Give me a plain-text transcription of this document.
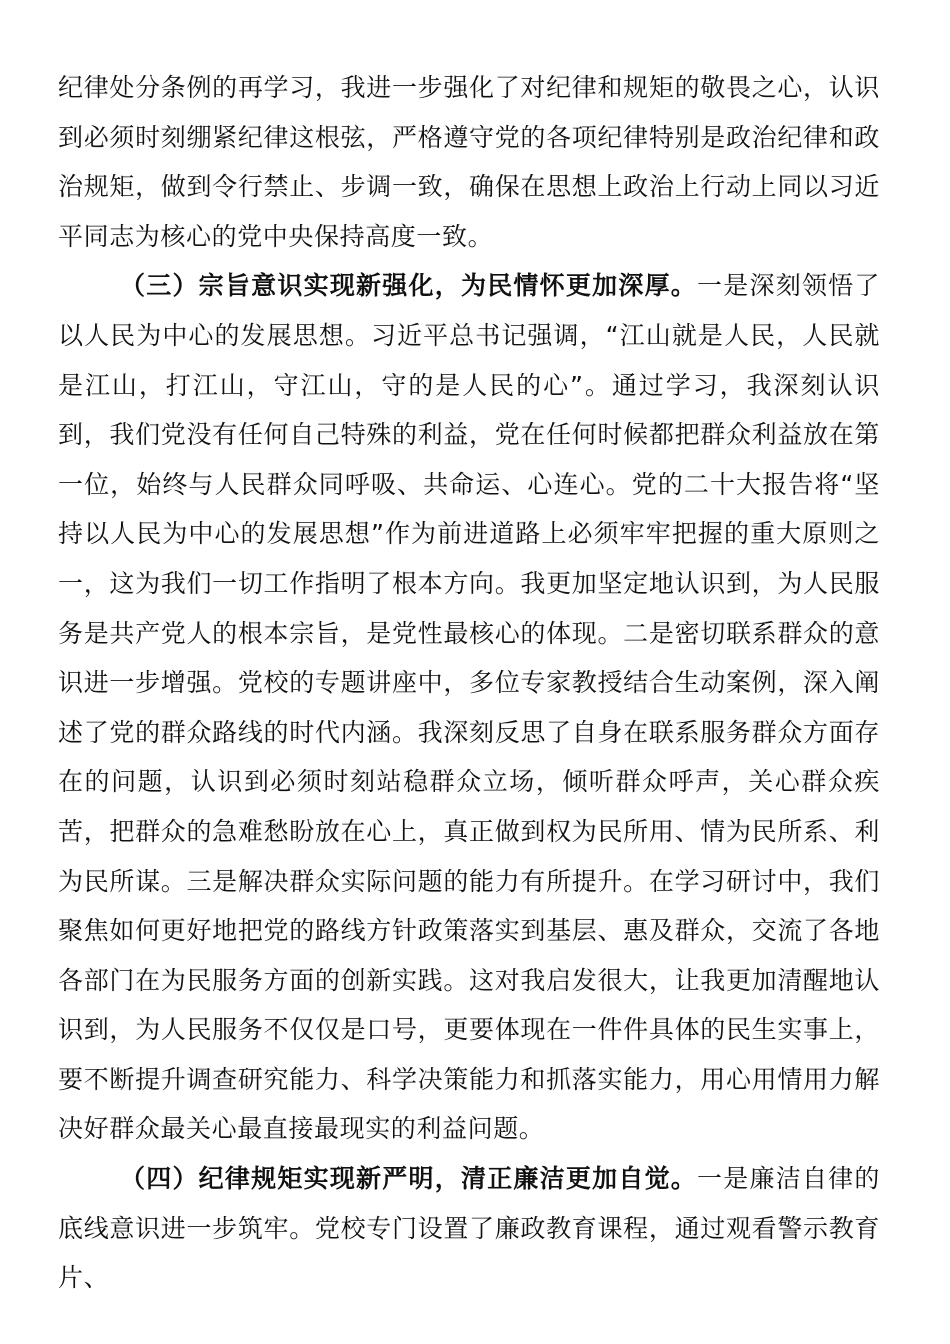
纪律处分条例的再学习，我进一步强化了对纪律和规矩的敬畏之心，认识到必须时刻绷紧纪律这根弦，严格遵守党的各项纪律特别是政治纪律和政治规矩，做到令行禁止、步调一致，确保在思想上政治上行动上同以习近平同志为核心的党中央保持高度一致。

（三）宗旨意识实现新强化，为民情怀更加深厚。一是深刻领悟了以人民为中心的发展思想。习近平总书记强调，“江山就是人民，人民就是江山，打江山，守江山，守的是人民的心”。通过学习，我深刻认识到，我们党没有任何自己特殊的利益，党在任何时候都把群众利益放在第一位，始终与人民群众同呼吸、共命运、心连心。党的二十大报告将“坚持以人民为中心的发展思想”作为前进道路上必须牢牢把握的重大原则之一，这为我们一切工作指明了根本方向。我更加坚定地认识到，为人民服务是共产党人的根本宗旨，是党性最核心的体现。二是密切联系群众的意识进一步增强。党校的专题讲座中，多位专家教授结合生动案例，深入阐述了党的群众路线的时代内涵。我深刻反思了自身在联系服务群众方面存在的问题，认识到必须时刻站稳群众立场，倾听群众呼声，关心群众疾苦，把群众的急难愁盼放在心上，真正做到权为民所用、情为民所系、利为民所谋。三是解决群众实际问题的能力有所提升。在学习研讨中，我们聚焦如何更好地把党的路线方针政策落实到基层、惠及群众，交流了各地各部门在为民服务方面的创新实践。这对我启发很大，让我更加清醒地认识到，为人民服务不仅仅是口号，更要体现在一件件具体的民生实事上，要不断提升调查研究能力、科学决策能力和抓落实能力，用心用情用力解决好群众最关心最直接最现实的利益问题。

（四）纪律规矩实现新严明，清正廉洁更加自觉。一是廉洁自律的底线意识进一步筑牢。党校专门设置了廉政教育课程，通过观看警示教育片、
